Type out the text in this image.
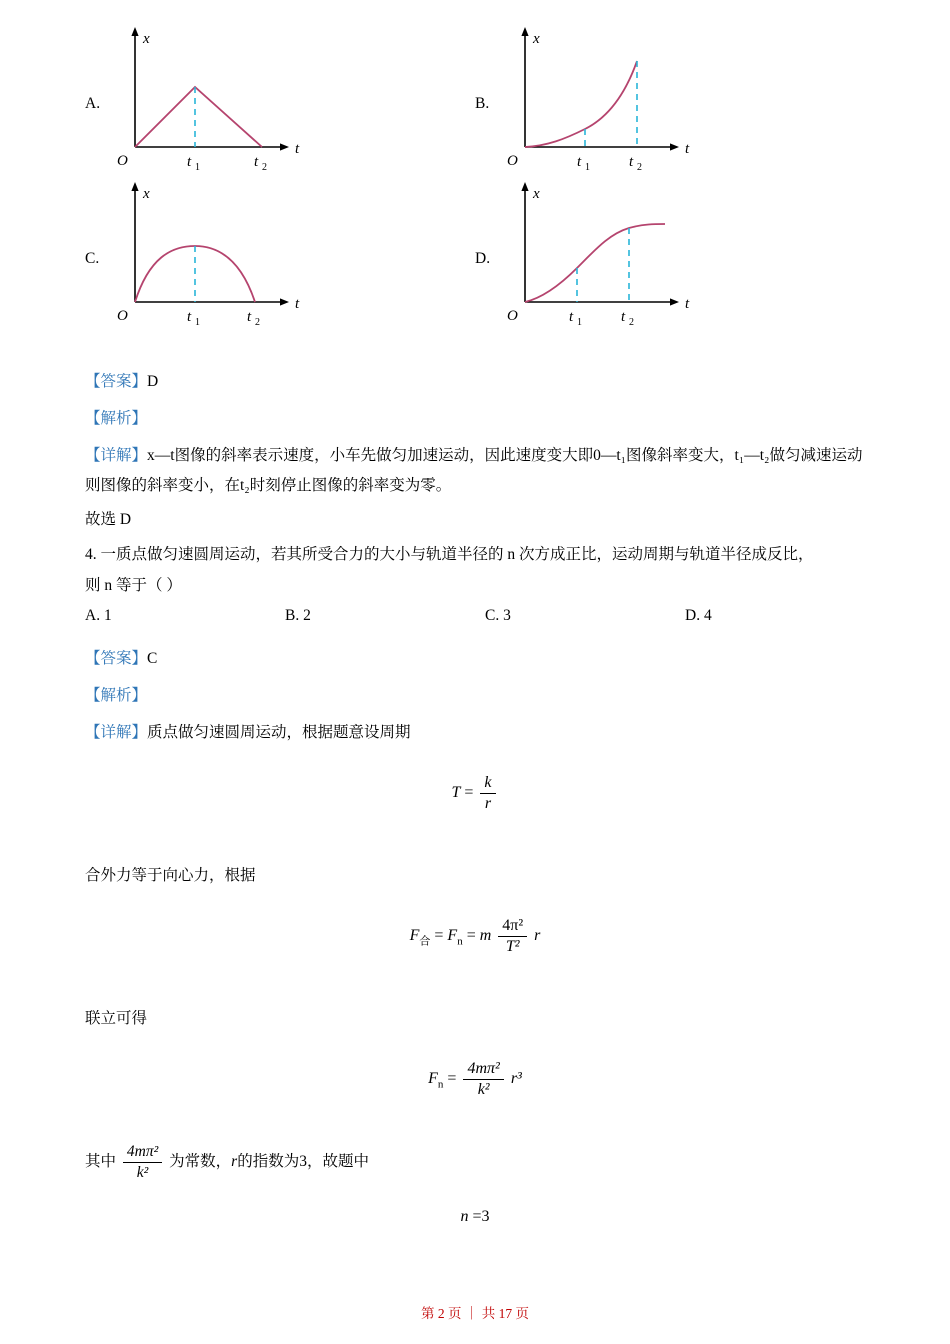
A.
x
t
O	t 1	t 2
B.
x
t
O	t 1	t 2
C.
x
t
O	t 1	t 2
D.
x
t
O	t 1	t 2
【答案】D
【解析】
【详解】x—t图像的斜率表示速度，小车先做匀加速运动，因此速度变大即0—t₁图像斜率变大，t₁—t₂做匀减速运动则图像的斜率变小，在t₂时刻停止图像的斜率变为零。
故选 D
4. 一质点做匀速圆周运动，若其所受合力的大小与轨道半径的 n 次方成正比，运动周期与轨道半径成反比，
则 n 等于（ ）
A. 1	B. 2	C. 3	D. 4
【答案】C
【解析】
【详解】质点做匀速圆周运动，根据题意设周期
$T = \frac{k}{r}$
合外力等于向心力，根据
$F_合 = F_n = m \frac{\text{4π²}}{\text{T²}}$ r
联立可得
$F_n = \frac{\text{4mπ²}}{\text{k²}} r^3$
其中 $\frac{\text{4mπ²}}{\text{k²}}$ 为常数，r的指数为3，故题中
n =3
第 2 页 ｜ 共 17 页
